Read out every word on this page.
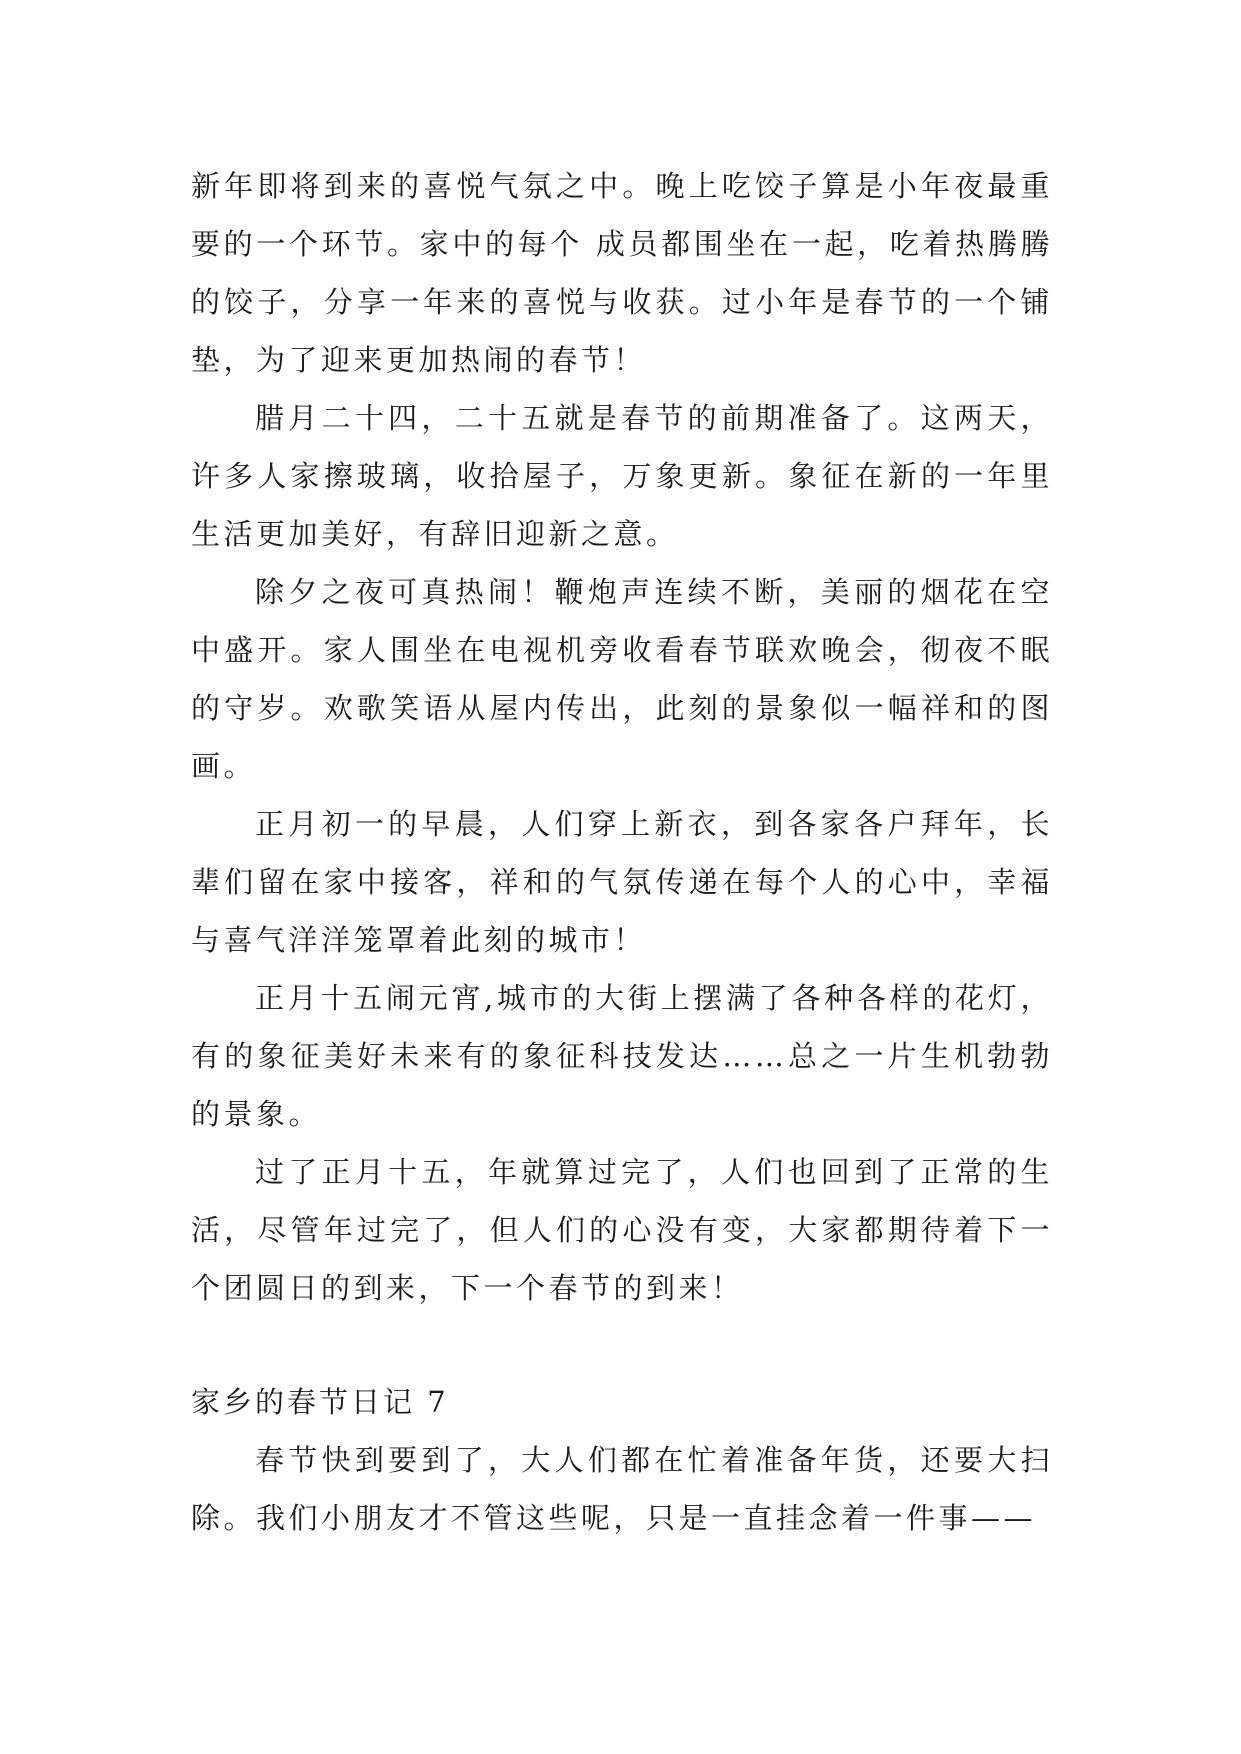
新年即将到来的喜悦气氛之中。晚上吃饺子算是小年夜最重要的一个环节。家中的每个 成员都围坐在一起，吃着热腾腾的饺子，分享一年来的喜悦与收获。过小年是春节的一个铺垫，为了迎来更加热闹的春节！

腊月二十四，二十五就是春节的前期准备了。这两天，许多人家擦玻璃，收拾屋子，万象更新。象征在新的一年里生活更加美好，有辞旧迎新之意。

除夕之夜可真热闹！鞭炮声连续不断，美丽的烟花在空中盛开。家人围坐在电视机旁收看春节联欢晚会，彻夜不眠的守岁。欢歌笑语从屋内传出，此刻的景象似一幅祥和的图画。

正月初一的早晨，人们穿上新衣，到各家各户拜年，长辈们留在家中接客，祥和的气氛传递在每个人的心中，幸福与喜气洋洋笼罩着此刻的城市！

正月十五闹元宵,城市的大街上摆满了各种各样的花灯，有的象征美好未来有的象征科技发达……总之一片生机勃勃的景象。

过了正月十五，年就算过完了，人们也回到了正常的生活，尽管年过完了，但人们的心没有变，大家都期待着下一个团圆日的到来，下一个春节的到来！

家乡的春节日记 7

春节快到要到了，大人们都在忙着准备年货，还要大扫除。我们小朋友才不管这些呢，只是一直挂念着一件事——
